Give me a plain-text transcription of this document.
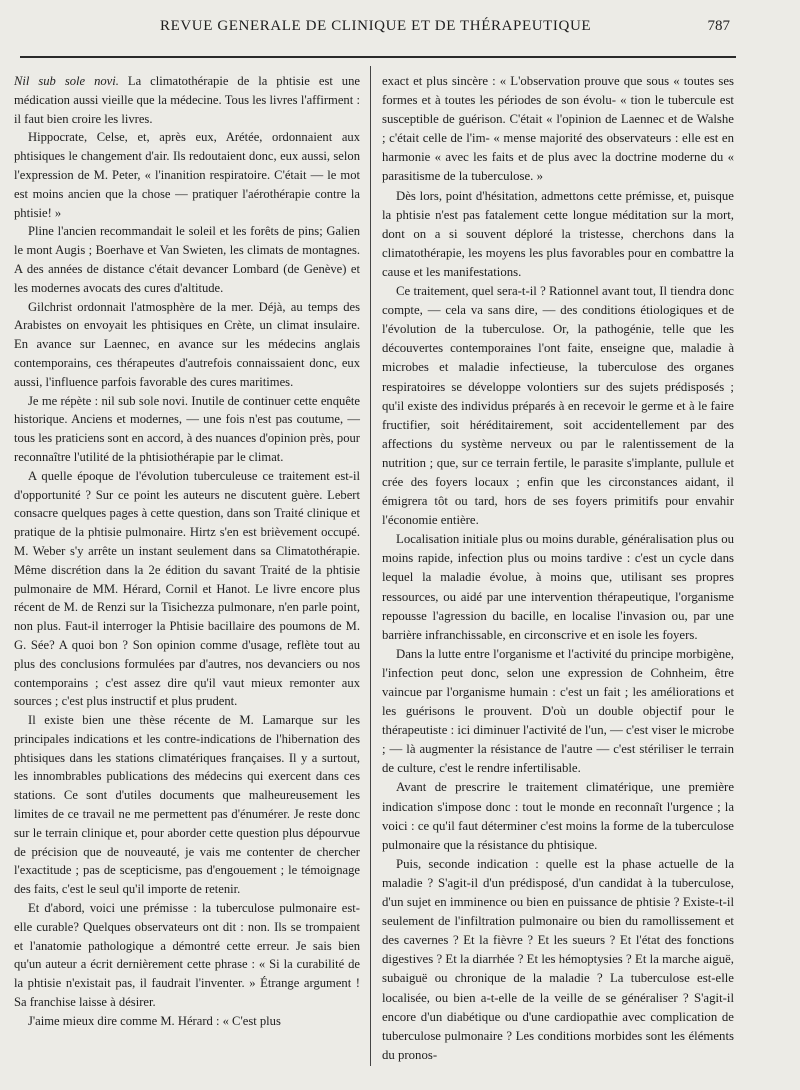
REVUE GENERALE DE CLINIQUE ET DE THÉRAPEUTIQUE	787

Nil sub sole novi. La climatothérapie de la phtisie est une médication aussi vieille que la médecine. Tous les livres l'affirment : il faut bien croire les livres.

Hippocrate, Celse, et, après eux, Arétée, ordonnaient aux phtisiques le changement d'air. Ils redoutaient donc, eux aussi, selon l'expression de M. Peter, « l'inanition respiratoire. C'était — le mot est moins ancien que la chose — pratiquer l'aérothérapie contre la phtisie! »

Pline l'ancien recommandait le soleil et les forêts de pins; Galien le mont Augis ; Boerhave et Van Swieten, les climats de montagnes. A des années de distance c'était devancer Lombard (de Genève) et les modernes avocats des cures d'altitude.

Gilchrist ordonnait l'atmosphère de la mer. Déjà, au temps des Arabistes on envoyait les phtisiques en Crète, un climat insulaire. En avance sur Laennec, en avance sur les médecins anglais contemporains, ces thérapeutes d'autrefois connaissaient donc, eux aussi, l'influence parfois favorable des cures maritimes.

Je me répète : nil sub sole novi. Inutile de continuer cette enquête historique. Anciens et modernes, — une fois n'est pas coutume, — tous les praticiens sont en accord, à des nuances d'opinion près, pour reconnaître l'utilité de la phtisiothérapie par le climat.

A quelle époque de l'évolution tuberculeuse ce traitement est-il d'opportunité ? Sur ce point les auteurs ne discutent guère. Lebert consacre quelques pages à cette question, dans son Traité clinique et pratique de la phtisie pulmonaire. Hirtz s'en est brièvement occupé. M. Weber s'y arrête un instant seulement dans sa Climatothérapie. Même discrétion dans la 2e édition du savant Traité de la phtisie pulmonaire de MM. Hérard, Cornil et Hanot. Le livre encore plus récent de M. de Renzi sur la Tisichezza pulmonare, n'en parle point, non plus. Faut-il interroger la Phtisie bacillaire des poumons de M. G. Sée? A quoi bon ? Son opinion comme d'usage, reflète tout au plus des conclusions formulées par d'autres, nos devanciers ou nos contemporains ; c'est assez dire qu'il vaut mieux remonter aux sources ; c'est plus instructif et plus prudent.

Il existe bien une thèse récente de M. Lamarque sur les principales indications et les contre-indications de l'hibernation des phtisiques dans les stations climatériques françaises. Il y a surtout, les innombrables publications des médecins qui exercent dans ces stations. Ce sont d'utiles documents que malheureusement les limites de ce travail ne me permettent pas d'énumérer. Je reste donc sur le terrain clinique et, pour aborder cette question plus dépourvue de précision que de nouveauté, je vais me contenter de chercher l'exactitude ; pas de scepticisme, pas d'engouement ; le témoignage des faits, c'est le seul qu'il importe de retenir.

Et d'abord, voici une prémisse : la tuberculose pulmonaire est-elle curable? Quelques observateurs ont dit : non. Ils se trompaient et l'anatomie pathologique a démontré cette erreur. Je sais bien qu'un auteur a écrit dernièrement cette phrase : « Si la curabilité de la phtisie n'existait pas, il faudrait l'inventer. » Étrange argument ! Sa franchise laisse à désirer.

J'aime mieux dire comme M. Hérard : « C'est plus

exact et plus sincère : « L'observation prouve que sous « toutes ses formes et à toutes les périodes de son évolu- « tion le tubercule est susceptible de guérison. C'était « l'opinion de Laennec et de Walshe ; c'était celle de l'im- « mense majorité des observateurs : elle est en harmonie « avec les faits et de plus avec la doctrine moderne du « parasitisme de la tuberculose. »

Dès lors, point d'hésitation, admettons cette prémisse, et, puisque la phtisie n'est pas fatalement cette longue méditation sur la mort, dont on a si souvent déploré la tristesse, cherchons dans la climatothérapie, les moyens les plus favorables pour en combattre la cause et les manifestations.

Ce traitement, quel sera-t-il ? Rationnel avant tout, Il tiendra donc compte, — cela va sans dire, — des conditions étiologiques et de l'évolution de la tuberculose. Or, la pathogénie, telle que les découvertes contemporaines l'ont faite, enseigne que, maladie à microbes et maladie infectieuse, la tuberculose des organes respiratoires se développe volontiers sur des sujets prédisposés ; qu'il existe des individus préparés à en recevoir le germe et à le faire fructifier, soit héréditairement, soit accidentellement par des affections du système nerveux ou par le ralentissement de la nutrition ; que, sur ce terrain fertile, le parasite s'implante, pullule et crée des foyers locaux ; enfin que les circonstances aidant, il émigrera tôt ou tard, hors de ses foyers primitifs pour envahir l'économie entière.

Localisation initiale plus ou moins durable, généralisation plus ou moins rapide, infection plus ou moins tardive : c'est un cycle dans lequel la maladie évolue, à moins que, utilisant ses propres ressources, ou aidé par une intervention thérapeutique, l'organisme repousse l'agression du bacille, en localise l'invasion ou, par une barrière infranchissable, en circonscrive et en isole les foyers.

Dans la lutte entre l'organisme et l'activité du principe morbigène, l'infection peut donc, selon une expression de Cohnheim, être vaincue par l'organisme humain : c'est un fait ; les améliorations et les guérisons le prouvent. D'où un double objectif pour le thérapeutiste : ici diminuer l'activité de l'un, — c'est viser le microbe ; — là augmenter la résistance de l'autre — c'est stériliser le terrain de culture, c'est le rendre infertilisable.

Avant de prescrire le traitement climatérique, une première indication s'impose donc : tout le monde en reconnaît l'urgence ; la voici : ce qu'il faut déterminer c'est moins la forme de la tuberculose pulmonaire que la résistance du phtisique.

Puis, seconde indication : quelle est la phase actuelle de la maladie ? S'agit-il d'un prédisposé, d'un candidat à la tuberculose, d'un sujet en imminence ou bien en puissance de phtisie ? Existe-t-il seulement de l'infiltration pulmonaire ou bien du ramollissement et des cavernes ? Et la fièvre ? Et les sueurs ? Et l'état des fonctions digestives ? Et la diarrhée ? Et les hémoptysies ? Et la marche aiguë, subaiguë ou chronique de la maladie ? La tuberculose est-elle localisée, ou bien a-t-elle de la veille de se généraliser ? S'agit-il encore d'un diabétique ou d'une cardiopathie avec complication de tuberculose pulmonaire ? Les conditions morbides sont les éléments du pronos-
